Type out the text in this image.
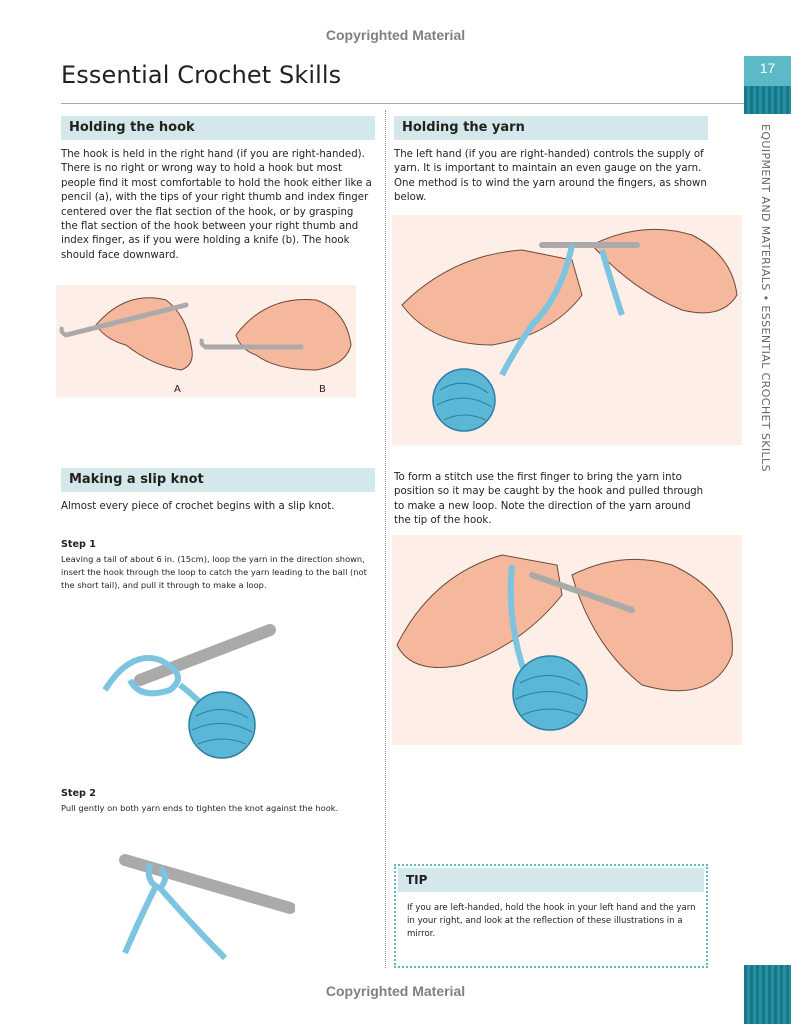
Copyrighted Material
Copyrighted Material
Essential Crochet Skills	17
EQUIPMENT AND MATERIALS • ESSENTIAL CROCHET SKILLS
Holding the hook
The hook is held in the right hand (if you are right-handed). There is no right or wrong way to hold a hook but most people find it most comfortable to hold the hook either like a pencil (a), with the tips of your right thumb and index finger centered over the flat section of the hook, or by grasping the flat section of the hook between your right thumb and index finger, as if you were holding a knife (b). The hook should face downward.
A	B
Holding the yarn
The left hand (if you are right-handed) controls the supply of yarn. It is important to maintain an even gauge on the yarn. One method is to wind the yarn around the fingers, as shown below.
Making a slip knot
Almost every piece of crochet begins with a slip knot.
Step 1
Leaving a tail of about 6 in. (15cm), loop the yarn in the direction shown, insert the hook through the loop to catch the yarn leading to the ball (not the short tail), and pull it through to make a loop.
Step 2
Pull gently on both yarn ends to tighten the knot against the hook.
To form a stitch use the first finger to bring the yarn into position so it may be caught by the hook and pulled through to make a new loop. Note the direction of the yarn around the tip of the hook.
TIP
If you are left-handed, hold the hook in your left hand and the yarn in your right, and look at the reflection of these illustrations in a mirror.
